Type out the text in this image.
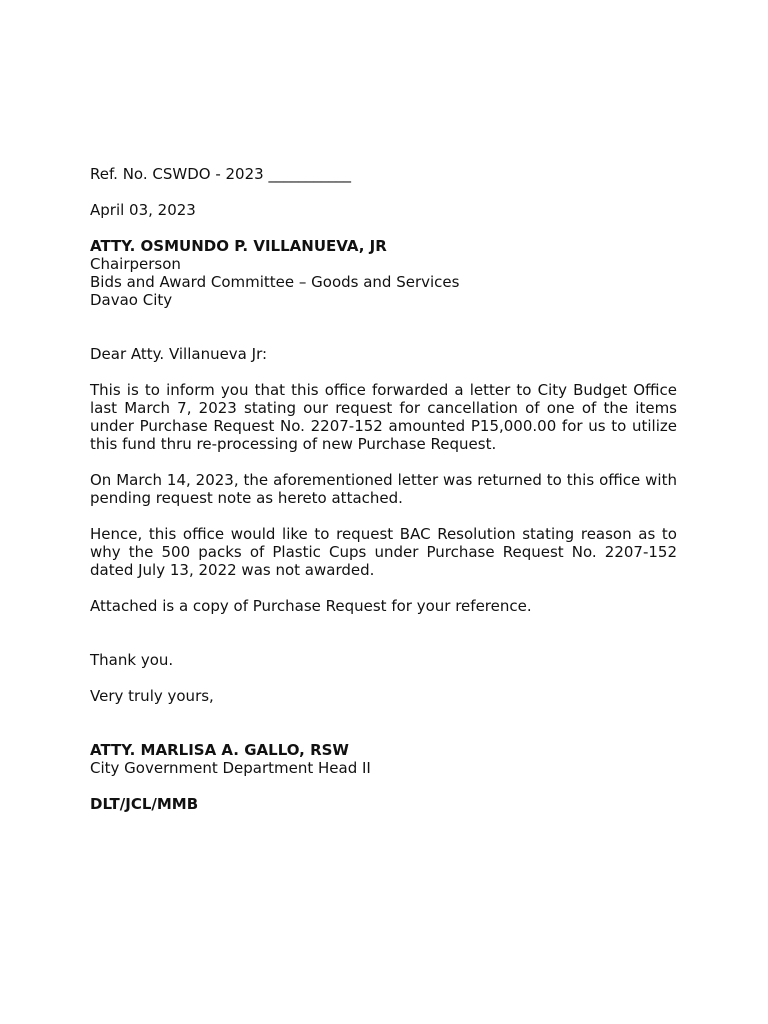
Ref. No. CSWDO - 2023 ___________
April 03, 2023
ATTY. OSMUNDO P. VILLANUEVA, JR
Chairperson
Bids and Award Committee – Goods and Services
Davao City
Dear Atty. Villanueva Jr:

This is to inform you that this office forwarded a letter to City Budget Office last March 7, 2023 stating our request for cancellation of one of the items under Purchase Request No. 2207-152 amounted P15,000.00 for us to utilize this fund thru re-processing of new Purchase Request.

On March 14, 2023, the aforementioned letter was returned to this office with pending request note as hereto attached.

Hence, this office would like to request BAC Resolution stating reason as to why the 500 packs of Plastic Cups under Purchase Request No. 2207-152 dated July 13, 2022 was not awarded.

Attached is a copy of Purchase Request for your reference.

Thank you.
Very truly yours,
ATTY. MARLISA A. GALLO, RSW
City Government Department Head II
DLT/JCL/MMB
